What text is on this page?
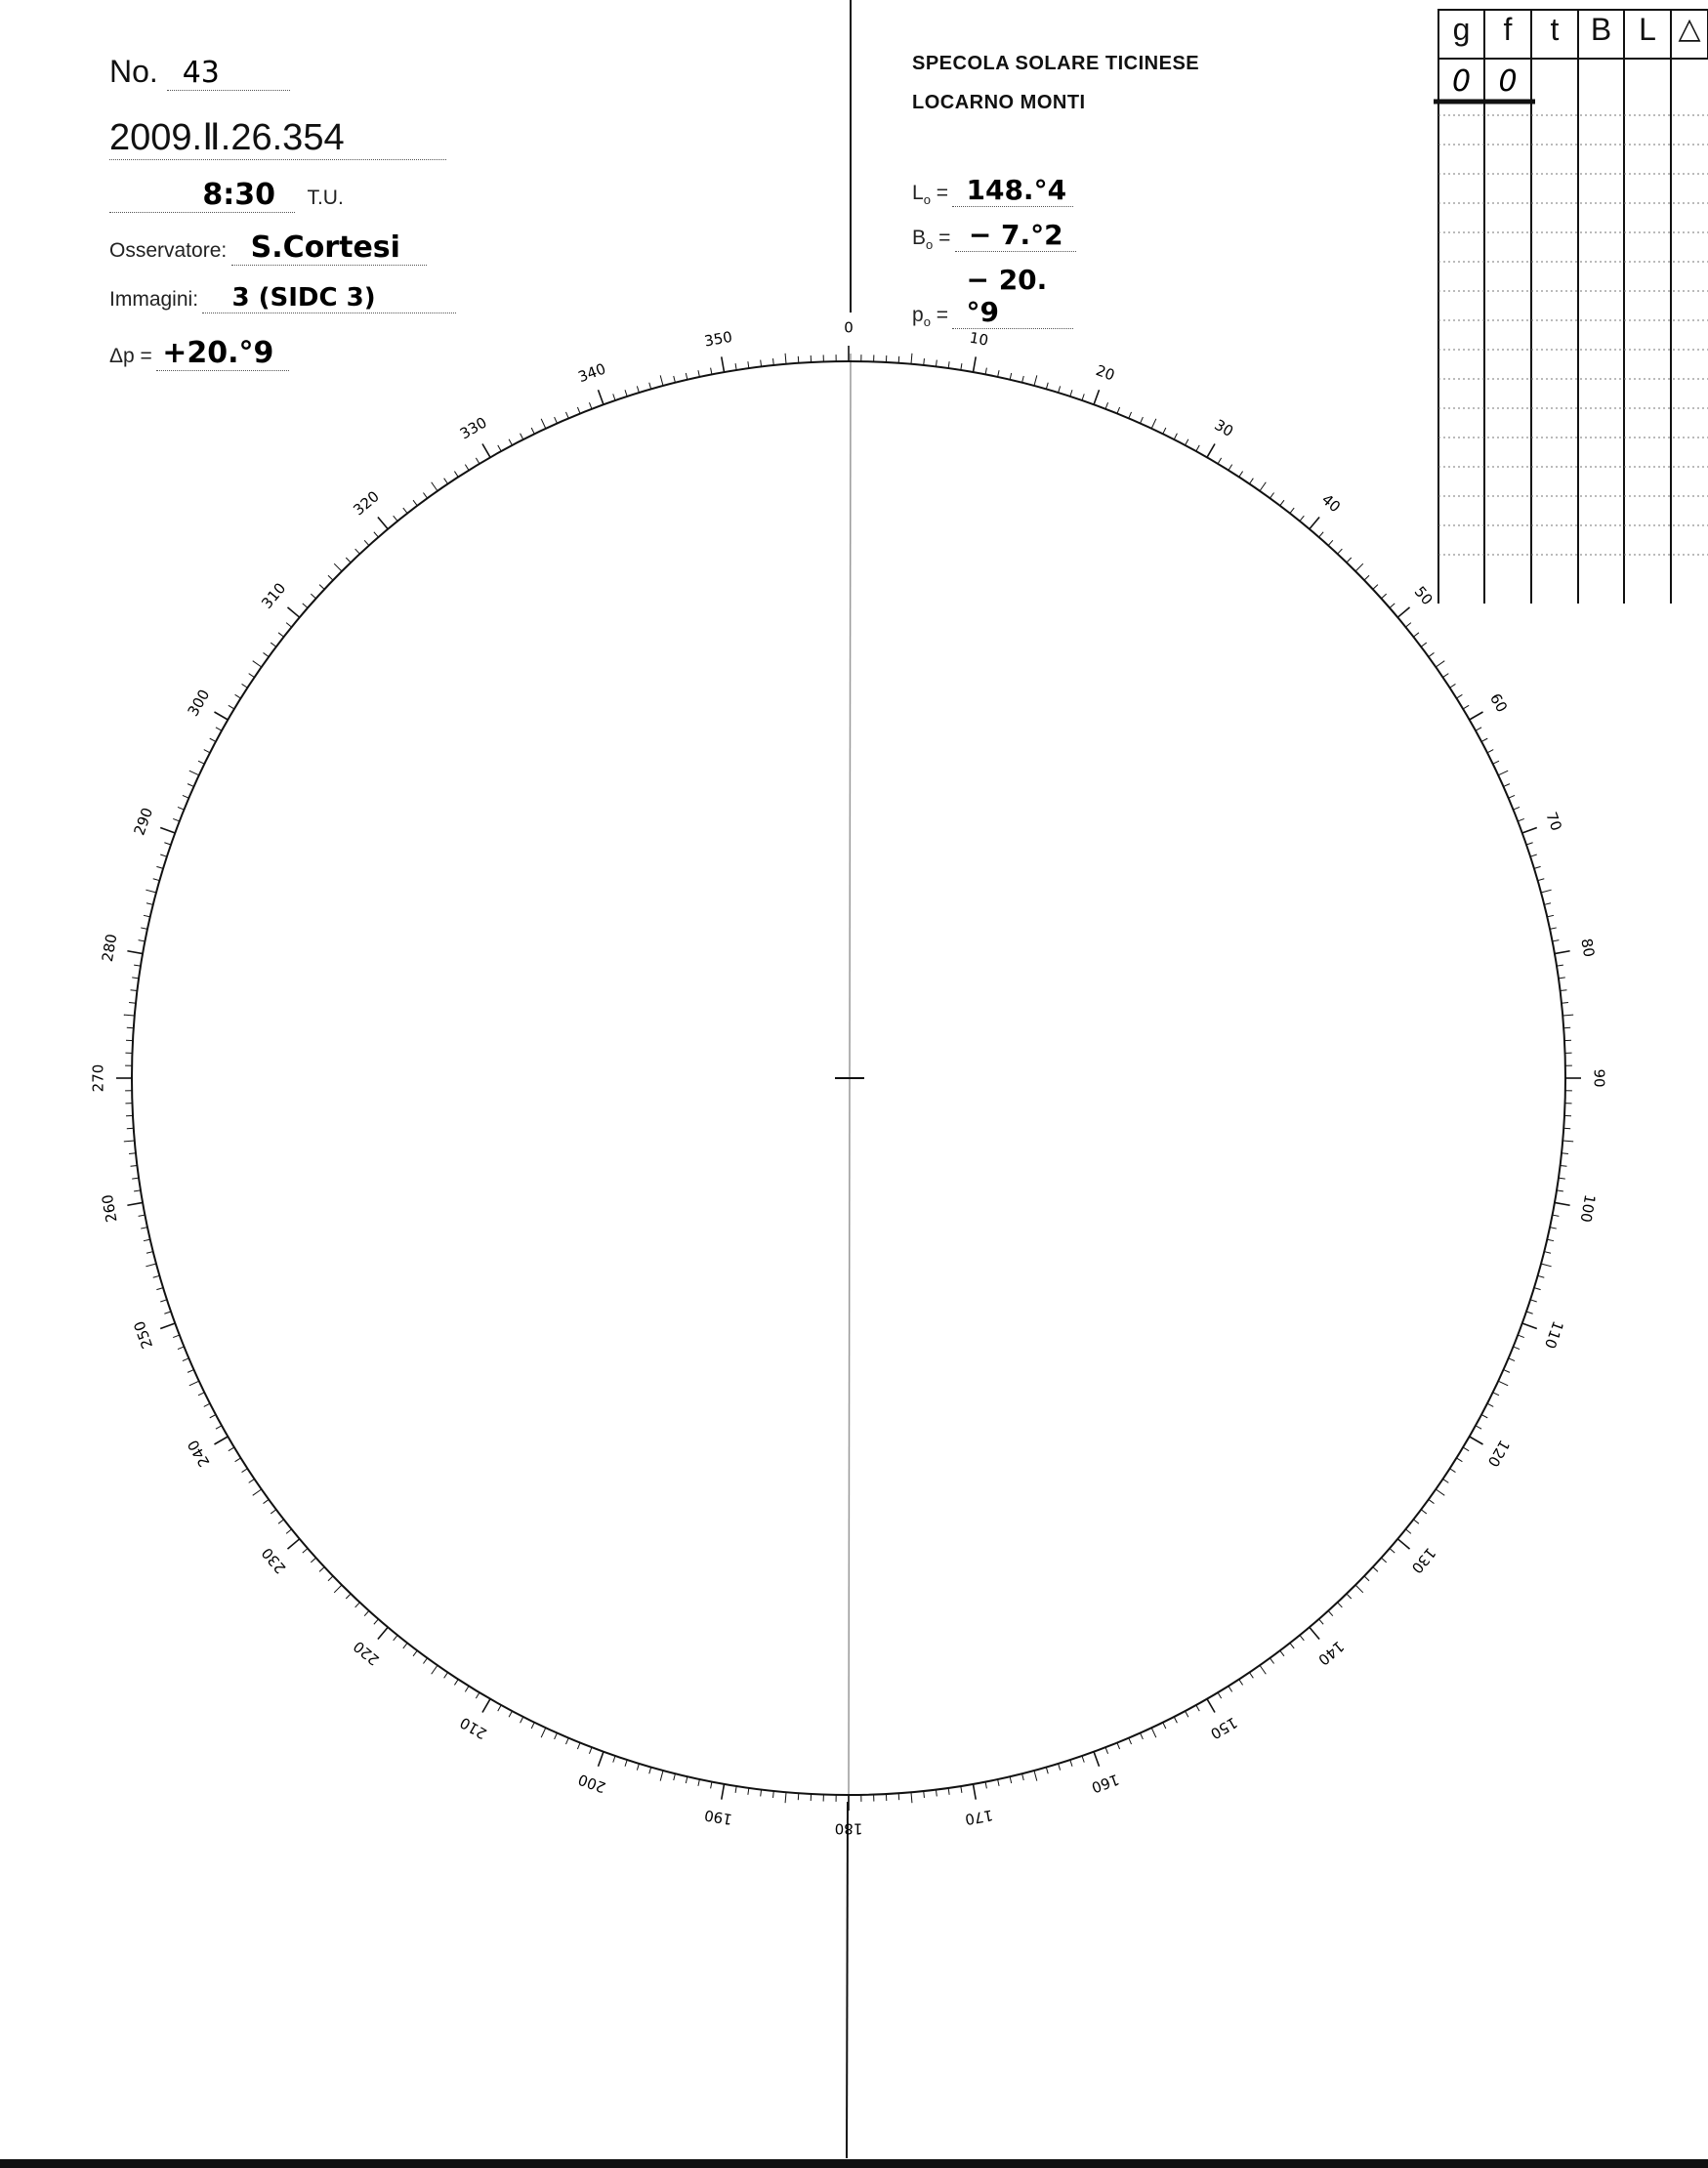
No. 43
2009.Ⅱ.26.354
8:30 T.U.
Osservatore: S.Cortesi
Immagini: 3 (SIDC 3)
Δp = +20.°9
SPECOLA SOLARE TICINESE
LOCARNO MONTI
$L_o = 148.^\circ 4$
$B_o$ = − 7.°2
$p_o$ = − 20.°9
0
10
20
30
40
50
60
70
80
90
100
110
120
130
140
150
160
170
180
190
200
210
220
230
240
250
260
270
280
290
300
310
320
330
340
350
g	f	t	B L △
0 0
